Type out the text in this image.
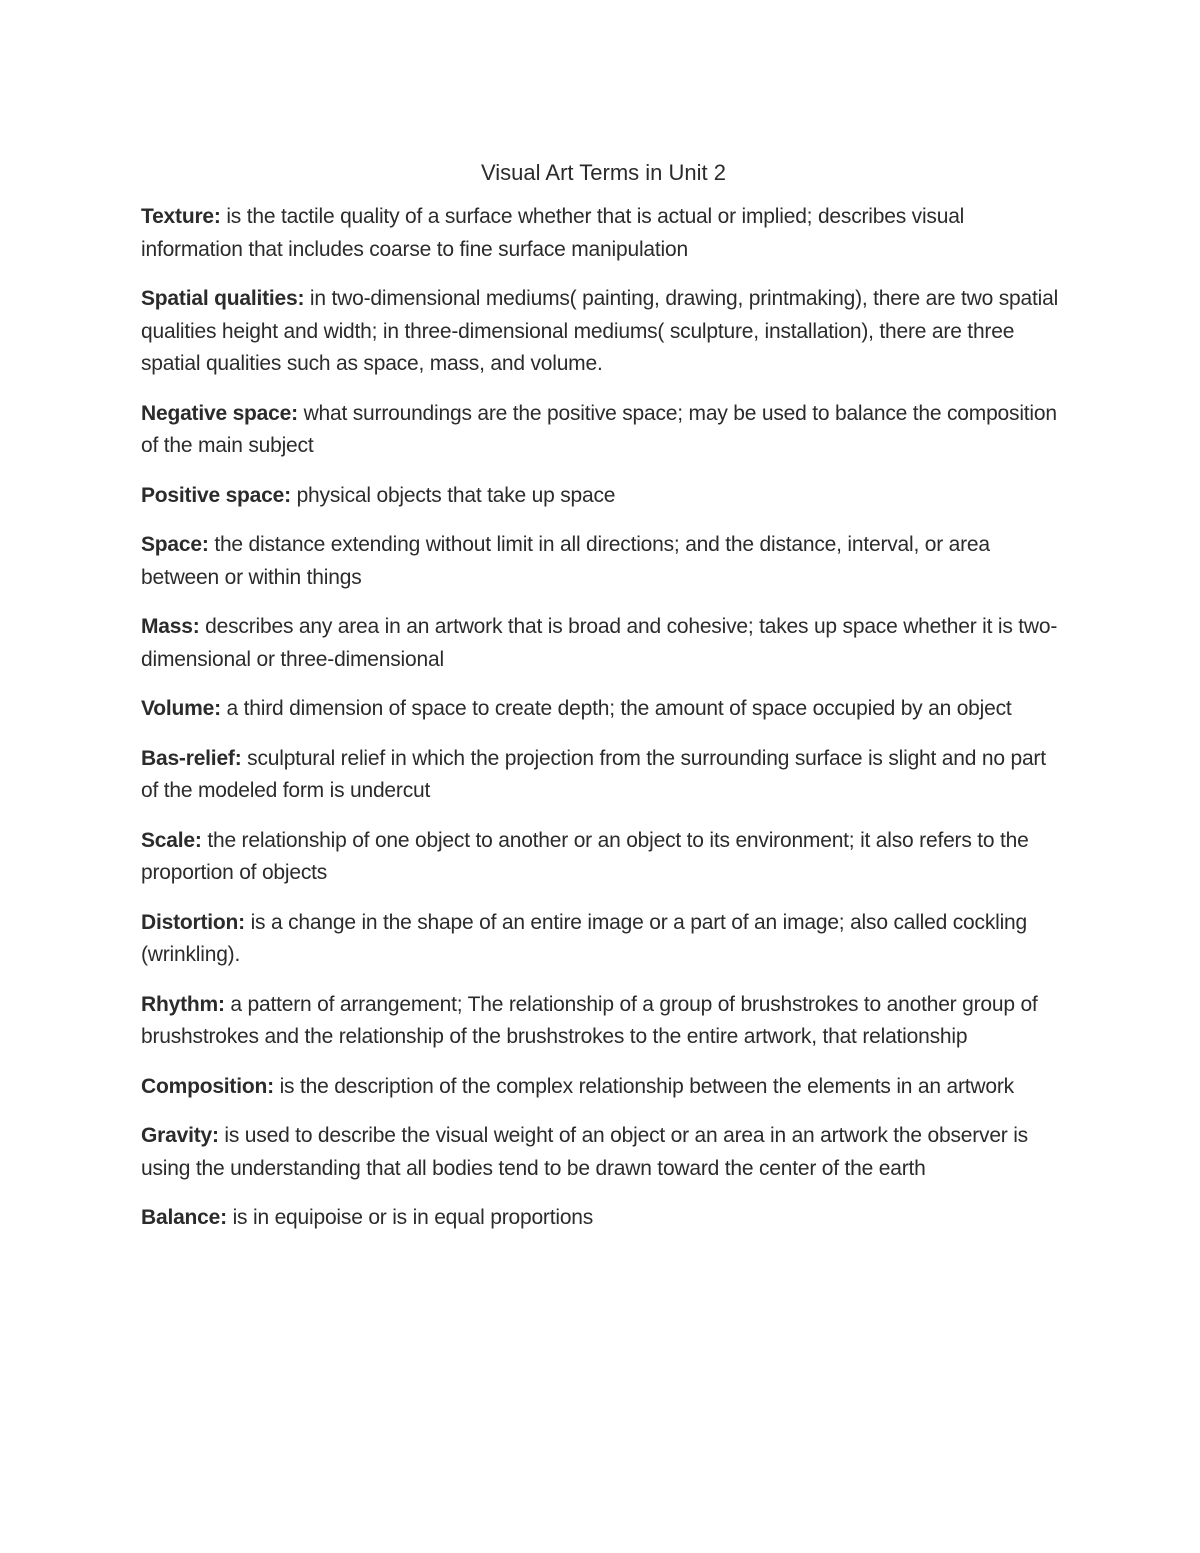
Visual Art Terms in Unit 2

Texture: is the tactile quality of a surface whether that is actual or implied; describes visual information that includes coarse to fine surface manipulation

Spatial qualities: in two-dimensional mediums( painting, drawing, printmaking), there are two spatial qualities height and width; in three-dimensional mediums( sculpture, installation), there are three spatial qualities such as space, mass, and volume.

Negative space: what surroundings are the positive space; may be used to balance the composition of the main subject

Positive space: physical objects that take up space

Space: the distance extending without limit in all directions; and the distance, interval, or area between or within things

Mass: describes any area in an artwork that is broad and cohesive; takes up space whether it is two-dimensional or three-dimensional

Volume: a third dimension of space to create depth; the amount of space occupied by an object

Bas-relief: sculptural relief in which the projection from the surrounding surface is slight and no part of the modeled form is undercut

Scale: the relationship of one object to another or an object to its environment; it also refers to the proportion of objects

Distortion: is a change in the shape of an entire image or a part of an image; also called cockling (wrinkling).

Rhythm: a pattern of arrangement; The relationship of a group of brushstrokes to another group of brushstrokes and the relationship of the brushstrokes to the entire artwork, that relationship

Composition: is the description of the complex relationship between the elements in an artwork

Gravity: is used to describe the visual weight of an object or an area in an artwork the observer is using the understanding that all bodies tend to be drawn toward the center of the earth

Balance: is in equipoise or is in equal proportions
